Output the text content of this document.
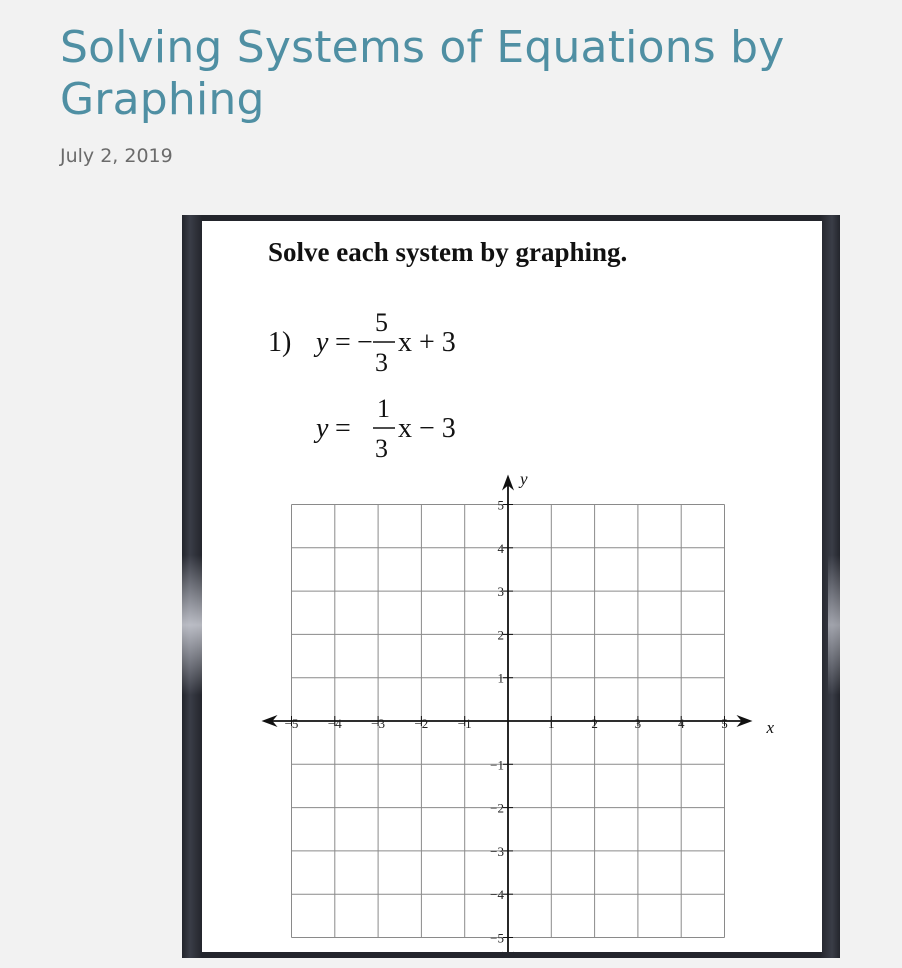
Solving Systems of Equations by Graphing
July 2, 2019
Solve each system by graphing.
1) y = −
5
3
x + 3
y =
1
3
x − 3
−5 −4 −3 −2 −1	1	2	3	4	5
5
4
3
2
1
−1
−2
−3
−4
−5
x
y
